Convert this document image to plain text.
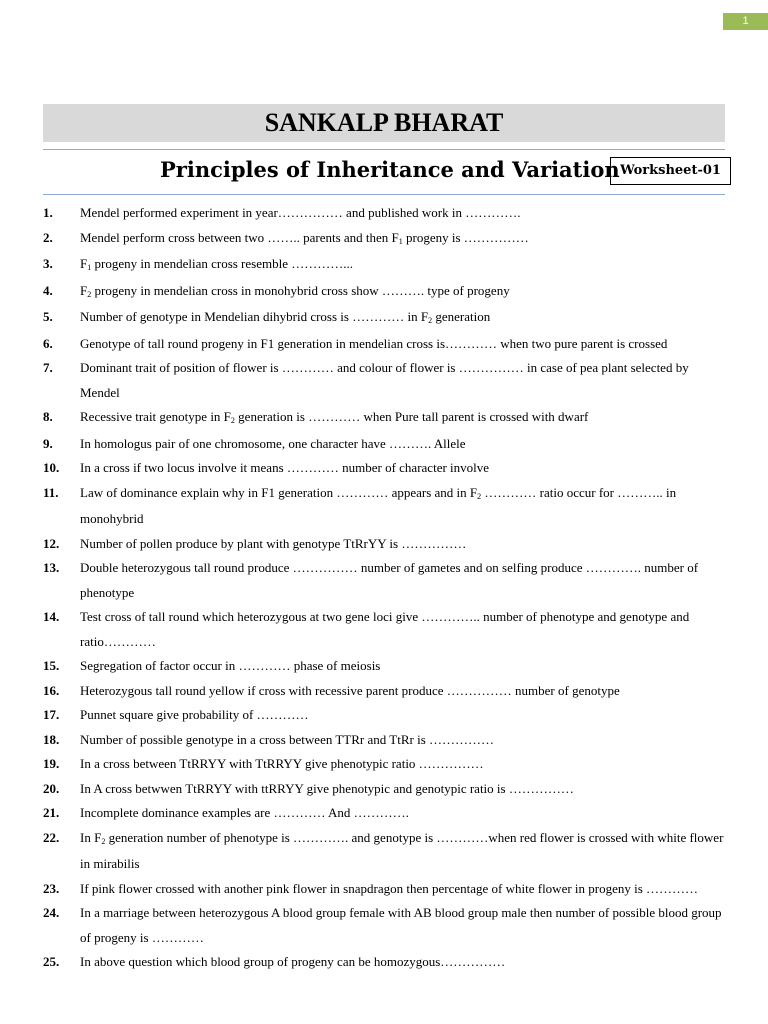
1
SANKALP BHARAT
Principles of Inheritance and Variation Worksheet-01
1.	Mendel performed experiment in year…………… and published work in ………….
2.	Mendel perform cross between two …….. parents and then $F_1$ progeny is ……………
3.	$F_1$ progeny in mendelian cross resemble …………...
4.	$F_2$ progeny in mendelian cross in monohybrid cross show ………. type of progeny
5.	Number of genotype in Mendelian dihybrid cross is ………… in $F_2$ generation
6.	Genotype of tall round progeny in F1 generation in mendelian cross is………… when two pure parent is crossed
7.	Dominant trait of position of flower is ………… and colour of flower is …………… in case of pea plant selected by Mendel
8.	Recessive trait genotype in $F_2$ generation is ………… when Pure tall parent is crossed with dwarf
9.	In homologus pair of one chromosome, one character have ………. Allele
10.	In a cross if two locus involve it means ………… number of character involve
11.	Law of dominance explain why in F1 generation ………… appears and in $F_2$ ………… ratio occur for ……….. in monohybrid
12.	Number of pollen produce by plant with genotype TtRrYY is ……………
13.	Double heterozygous tall round produce …………… number of gametes and on selfing produce …………. number of phenotype
14.	Test cross of tall round which heterozygous at two gene loci give ………….. number of phenotype and genotype and ratio…………
15.	Segregation of factor occur in ………… phase of meiosis
16.	Heterozygous tall round yellow if cross with recessive parent produce …………… number of genotype
17.	Punnet square give probability of …………
18.	Number of possible genotype in a cross between TTRr and TtRr is ……………
19.	In a cross between TtRRYY with TtRRYY give phenotypic ratio ……………
20.	In A cross betwwen TtRRYY with ttRRYY give phenotypic and genotypic ratio is ……………
21.	Incomplete dominance examples are ………… And ………….
22.	In $F_2$ generation number of phenotype is …………. and genotype is …………when red flower is crossed with white flower in mirabilis
23.	If pink flower crossed with another pink flower in snapdragon then percentage of white flower in progeny is …………
24.	In a marriage between heterozygous A blood group female with AB blood group male then number of possible blood group of progeny is …………
25.	In above question which blood group of progeny can be homozygous……………
